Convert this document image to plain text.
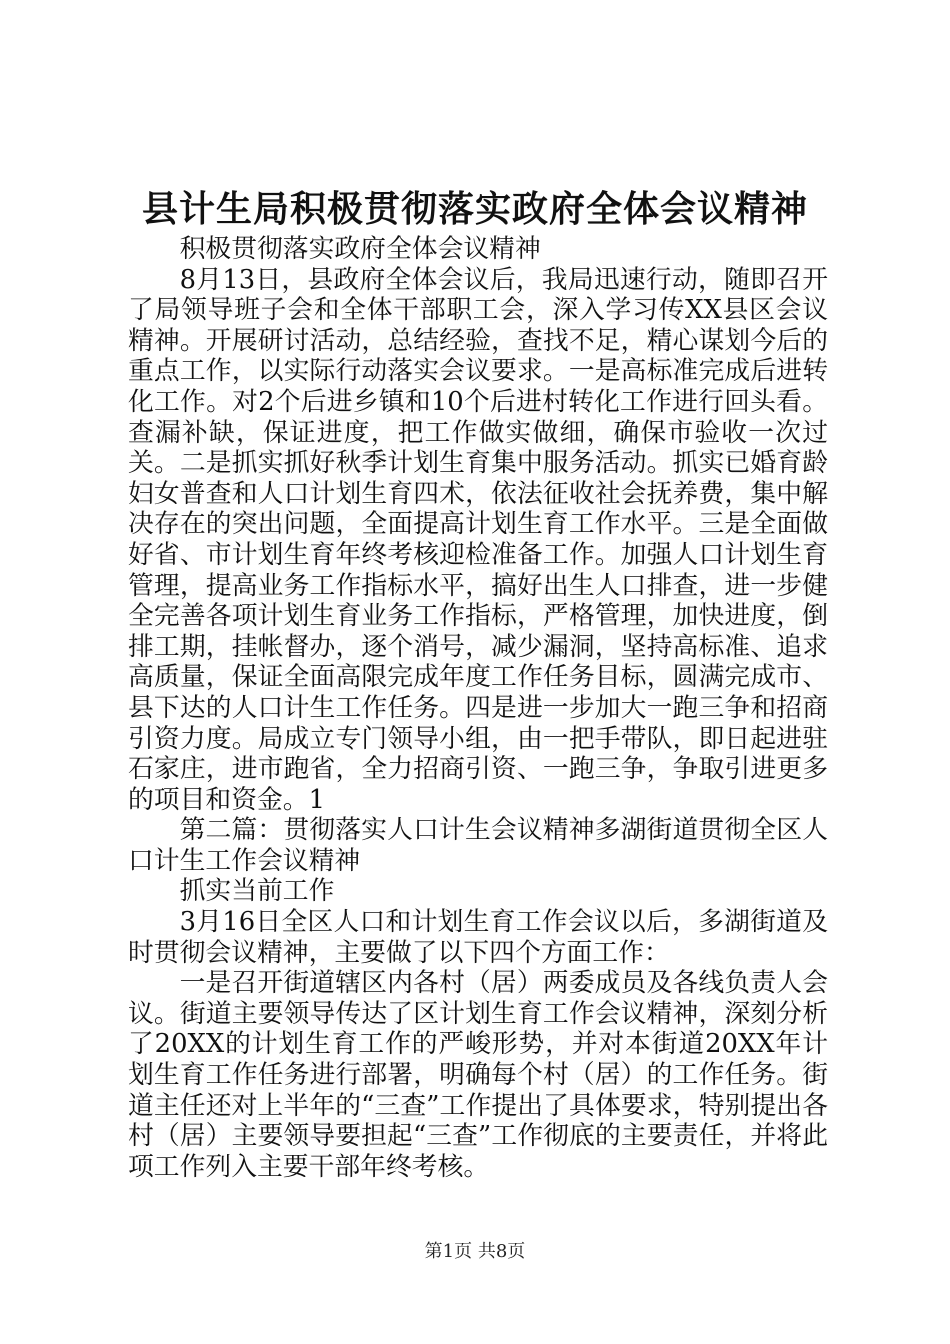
县计生局积极贯彻落实政府全体会议精神

积极贯彻落实政府全体会议精神

8月13日，县政府全体会议后，我局迅速行动，随即召开了局领导班子会和全体干部职工会，深入学习传XX县区会议精神。开展研讨活动，总结经验，查找不足，精心谋划今后的重点工作，以实际行动落实会议要求。一是高标准完成后进转化工作。对2个后进乡镇和10个后进村转化工作进行回头看。查漏补缺，保证进度，把工作做实做细，确保市验收一次过关。二是抓实抓好秋季计划生育集中服务活动。抓实已婚育龄妇女普查和人口计划生育四术，依法征收社会抚养费，集中解决存在的突出问题，全面提高计划生育工作水平。三是全面做好省、市计划生育年终考核迎检准备工作。加强人口计划生育管理，提高业务工作指标水平，搞好出生人口排查，进一步健全完善各项计划生育业务工作指标，严格管理，加快进度，倒排工期，挂帐督办，逐个消号，减少漏洞，坚持高标准、追求高质量，保证全面高限完成年度工作任务目标，圆满完成市、县下达的人口计生工作任务。四是进一步加大一跑三争和招商引资力度。局成立专门领导小组，由一把手带队，即日起进驻石家庄，进市跑省，全力招商引资、一跑三争，争取引进更多的项目和资金。1

第二篇：贯彻落实人口计生会议精神多湖街道贯彻全区人口计生工作会议精神

抓实当前工作

3月16日全区人口和计划生育工作会议以后，多湖街道及时贯彻会议精神，主要做了以下四个方面工作：

一是召开街道辖区内各村（居）两委成员及各线负责人会议。街道主要领导传达了区计划生育工作会议精神，深刻分析了20XX的计划生育工作的严峻形势，并对本街道20XX年计划生育工作任务进行部署，明确每个村（居）的工作任务。街道主任还对上半年的“三查”工作提出了具体要求，特别提出各村（居）主要领导要担起“三查”工作彻底的主要责任，并将此项工作列入主要干部年终考核。

第1页 共8页
